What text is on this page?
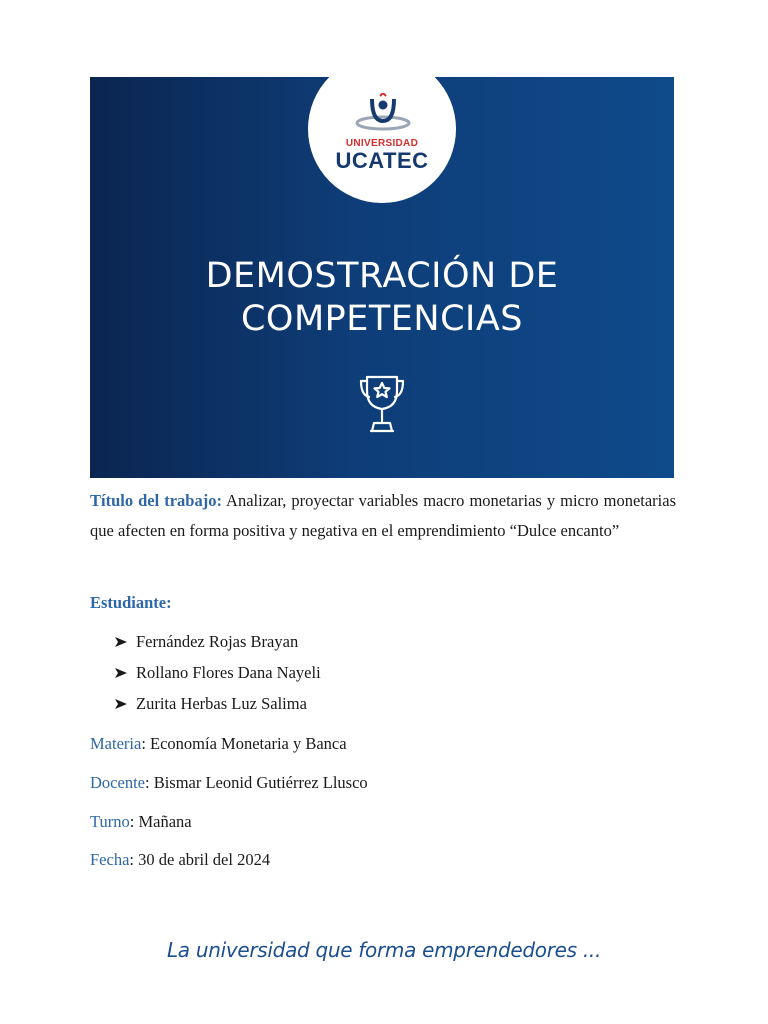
UNIVERSIDAD
UCATEC
DEMOSTRACIÓN DE
COMPETENCIAS

Título del trabajo: Analizar, proyectar variables macro monetarias y micro monetarias que afecten en forma positiva y negativa en el emprendimiento “Dulce encanto”

Estudiante:

Fernández Rojas Brayan
Rollano Flores Dana Nayeli
Zurita Herbas Luz Salima

Materia: Economía Monetaria y Banca

Docente: Bismar Leonid Gutiérrez Llusco

Turno: Mañana

Fecha: 30 de abril del 2024

La universidad que forma emprendedores ...
